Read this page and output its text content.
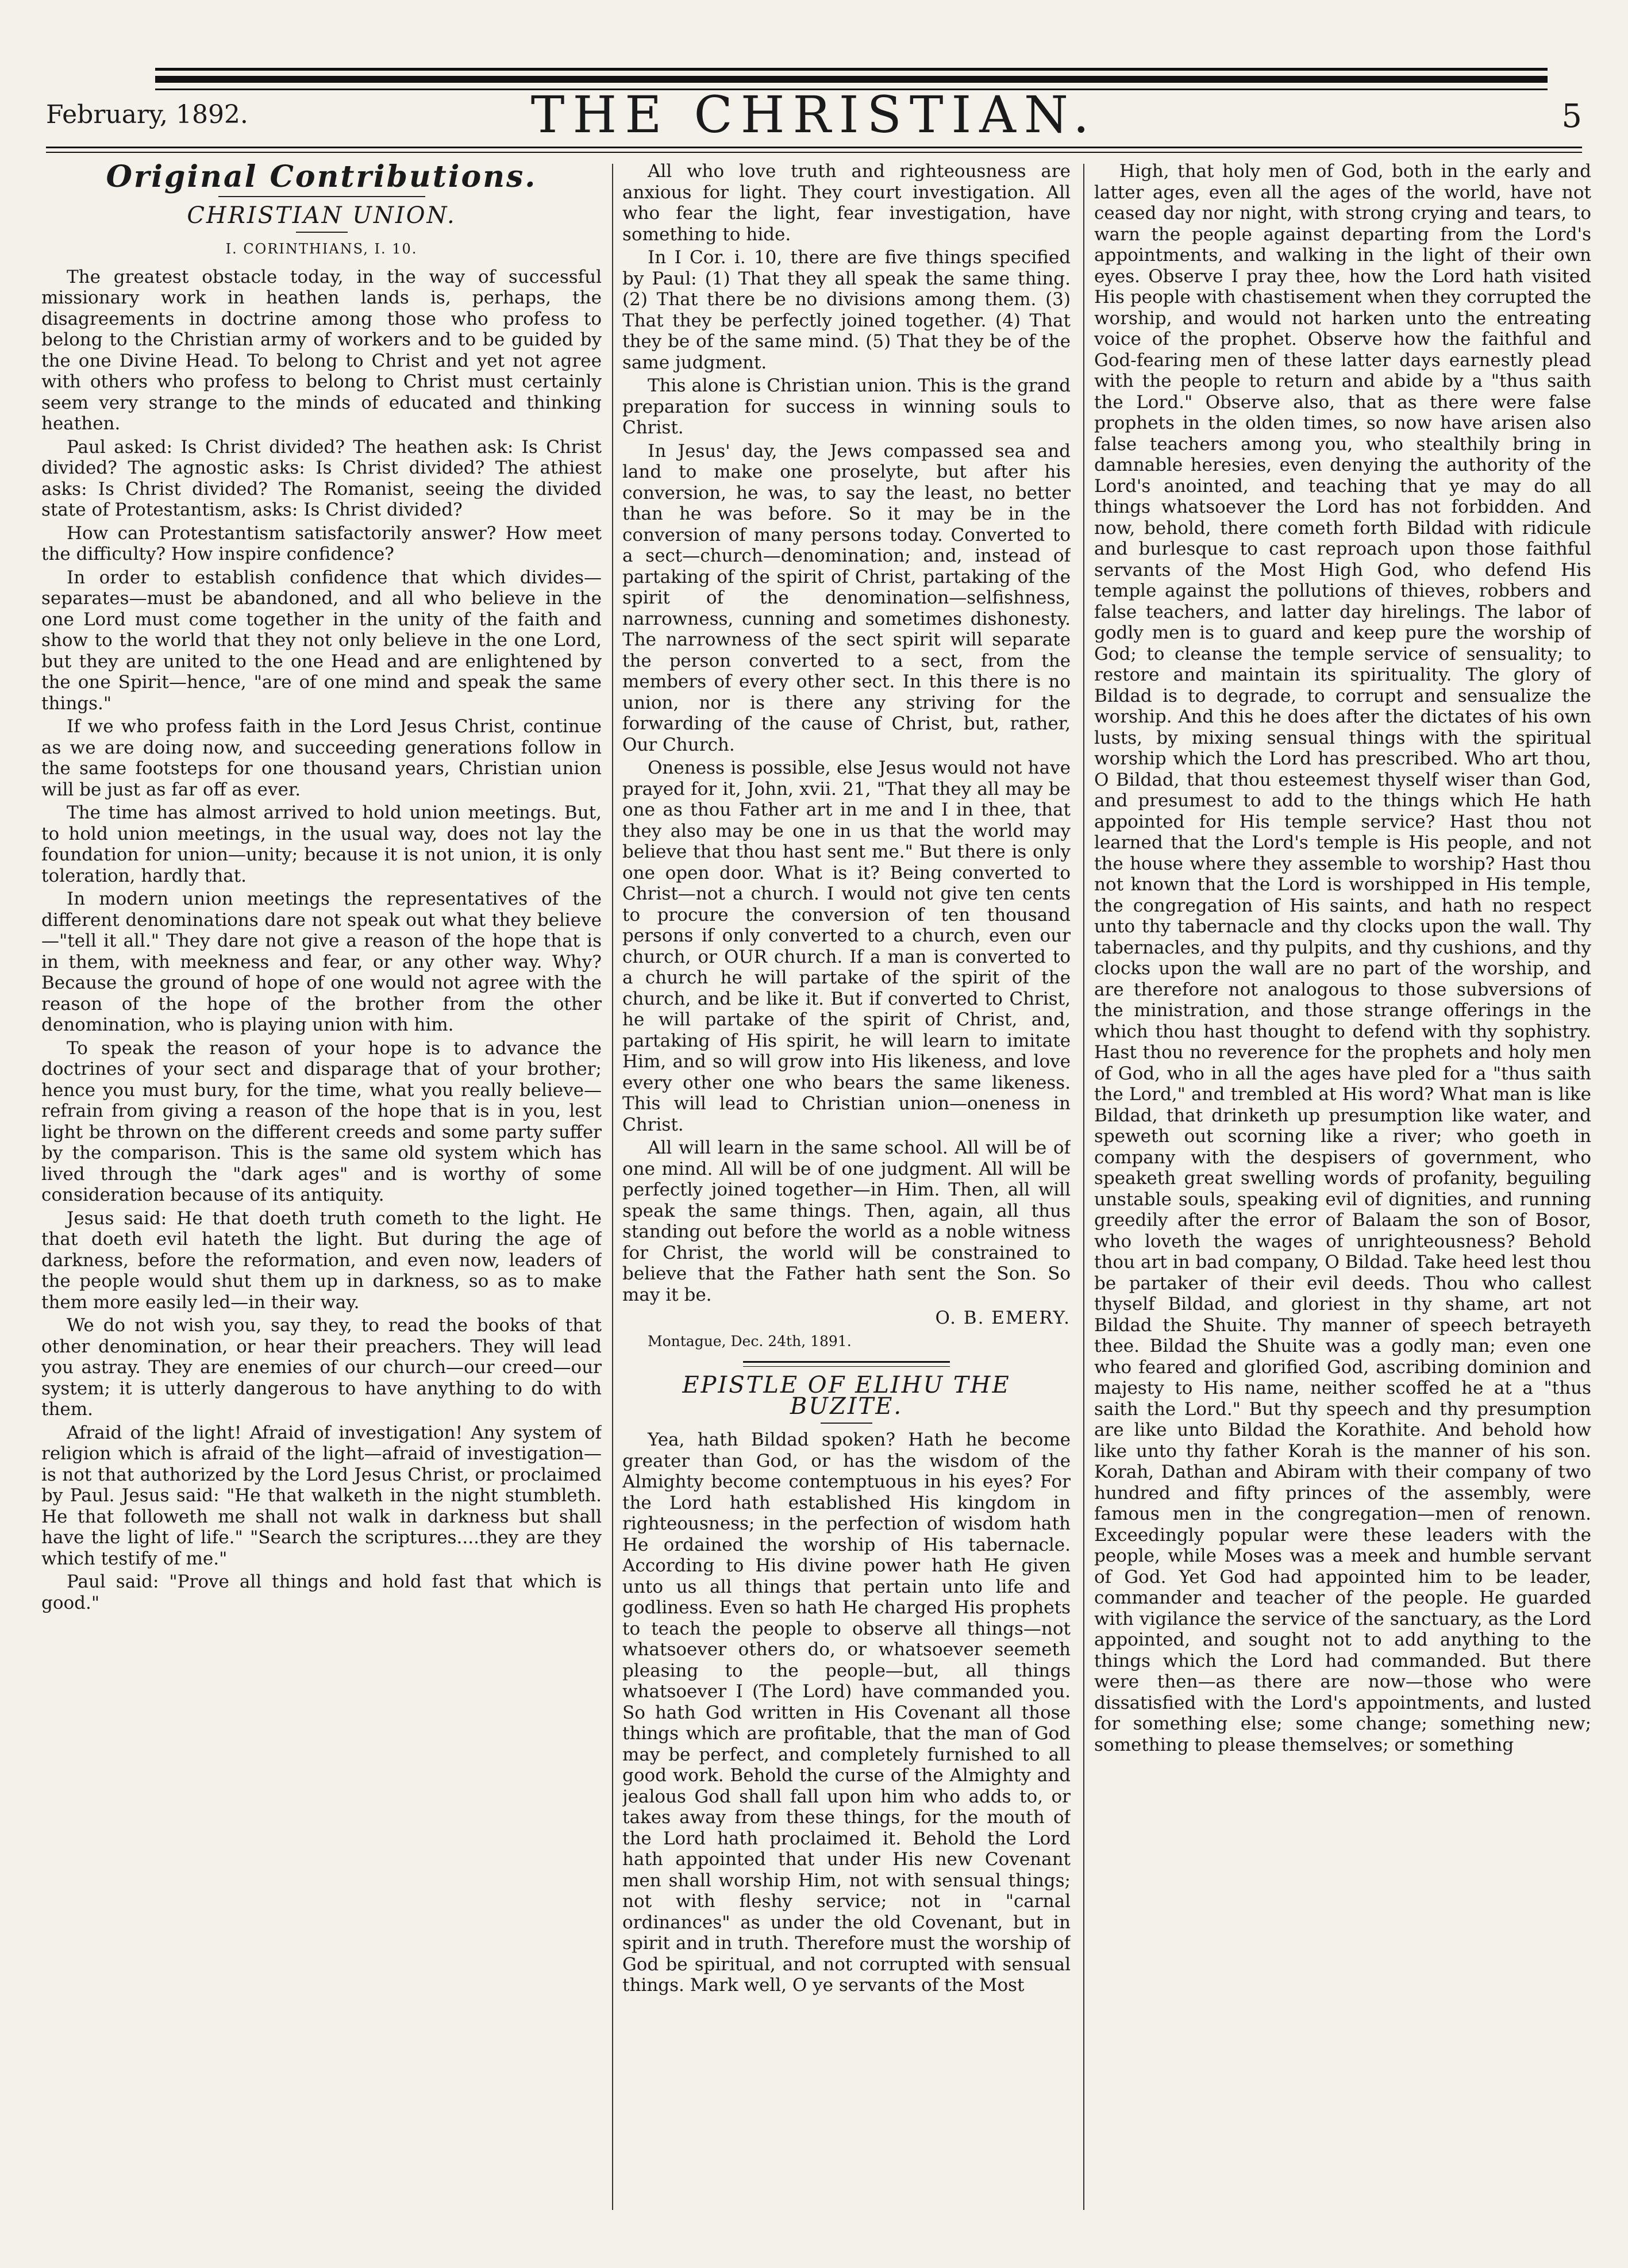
February, 1892.	THE CHRISTIAN.	5
Original Contributions.
CHRISTIAN UNION.
I. CORINTHIANS, I. 10.

The greatest obstacle today, in the way of successful missionary work in heathen lands is, perhaps, the disagreements in doctrine among those who profess to belong to the Christian army of workers and to be guided by the one Divine Head. To belong to Christ and yet not agree with others who profess to belong to Christ must certainly seem very strange to the minds of educated and thinking heathen.

Paul asked: Is Christ divided? The heathen ask: Is Christ divided? The agnostic asks: Is Christ divided? The athiest asks: Is Christ divided? The Romanist, seeing the divided state of Protestantism, asks: Is Christ divided?

How can Protestantism satisfactorily answer? How meet the difficulty? How inspire confidence?

In order to establish confidence that which divides—separates—must be abandoned, and all who believe in the one Lord must come together in the unity of the faith and show to the world that they not only believe in the one Lord, but they are united to the one Head and are enlightened by the one Spirit—hence, "are of one mind and speak the same things."

If we who profess faith in the Lord Jesus Christ, continue as we are doing now, and succeeding generations follow in the same footsteps for one thousand years, Christian union will be just as far off as ever.

The time has almost arrived to hold union meetings. But, to hold union meetings, in the usual way, does not lay the foundation for union—unity; because it is not union, it is only toleration, hardly that.

In modern union meetings the representatives of the different denominations dare not speak out what they believe—"tell it all." They dare not give a reason of the hope that is in them, with meekness and fear, or any other way. Why? Because the ground of hope of one would not agree with the reason of the hope of the brother from the other denomination, who is playing union with him.

To speak the reason of your hope is to advance the doctrines of your sect and disparage that of your brother; hence you must bury, for the time, what you really believe—refrain from giving a reason of the hope that is in you, lest light be thrown on the different creeds and some party suffer by the comparison. This is the same old system which has lived through the "dark ages" and is worthy of some consideration because of its antiquity.

Jesus said: He that doeth truth cometh to the light. He that doeth evil hateth the light. But during the age of darkness, before the reformation, and even now, leaders of the people would shut them up in darkness, so as to make them more easily led—in their way.

We do not wish you, say they, to read the books of that other denomination, or hear their preachers. They will lead you astray. They are enemies of our church—our creed—our system; it is utterly dangerous to have anything to do with them.

Afraid of the light! Afraid of investigation! Any system of religion which is afraid of the light—afraid of investigation—is not that authorized by the Lord Jesus Christ, or proclaimed by Paul. Jesus said: "He that walketh in the night stumbleth. He that followeth me shall not walk in darkness but shall have the light of life." "Search the scriptures....they are they which testify of me."

Paul said: "Prove all things and hold fast that which is good."

All who love truth and righteousness are anxious for light. They court investigation. All who fear the light, fear investigation, have something to hide.

In I Cor. i. 10, there are five things specified by Paul: (1) That they all speak the same thing. (2) That there be no divisions among them. (3) That they be perfectly joined together. (4) That they be of the same mind. (5) That they be of the same judgment.

This alone is Christian union. This is the grand preparation for success in winning souls to Christ.

In Jesus' day, the Jews compassed sea and land to make one proselyte, but after his conversion, he was, to say the least, no better than he was before. So it may be in the conversion of many persons today. Converted to a sect—church—denomination; and, instead of partaking of the spirit of Christ, partaking of the spirit of the denomination—selfishness, narrowness, cunning and sometimes dishonesty. The narrowness of the sect spirit will separate the person converted to a sect, from the members of every other sect. In this there is no union, nor is there any striving for the forwarding of the cause of Christ, but, rather, Our Church.

Oneness is possible, else Jesus would not have prayed for it, John, xvii. 21, "That they all may be one as thou Father art in me and I in thee, that they also may be one in us that the world may believe that thou hast sent me." But there is only one open door. What is it? Being converted to Christ—not a church. I would not give ten cents to procure the conversion of ten thousand persons if only converted to a church, even our church, or OUR church. If a man is converted to a church he will partake of the spirit of the church, and be like it. But if converted to Christ, he will partake of the spirit of Christ, and, partaking of His spirit, he will learn to imitate Him, and so will grow into His likeness, and love every other one who bears the same likeness. This will lead to Christian union—oneness in Christ.

All will learn in the same school. All will be of one mind. All will be of one judgment. All will be perfectly joined together—in Him. Then, all will speak the same things. Then, again, all thus standing out before the world as a noble witness for Christ, the world will be constrained to believe that the Father hath sent the Son. So may it be.

O. B. EMERY.
Montague, Dec. 24th, 1891.
EPISTLE OF ELIHU THE BUZITE.

Yea, hath Bildad spoken? Hath he become greater than God, or has the wisdom of the Almighty become contemptuous in his eyes? For the Lord hath established His kingdom in righteousness; in the perfection of wisdom hath He ordained the worship of His tabernacle. According to His divine power hath He given unto us all things that pertain unto life and godliness. Even so hath He charged His prophets to teach the people to observe all things—not whatsoever others do, or whatsoever seemeth pleasing to the people—but, all things whatsoever I (The Lord) have commanded you. So hath God written in His Covenant all those things which are profitable, that the man of God may be perfect, and completely furnished to all good work. Behold the curse of the Almighty and jealous God shall fall upon him who adds to, or takes away from these things, for the mouth of the Lord hath proclaimed it. Behold the Lord hath appointed that under His new Covenant men shall worship Him, not with sensual things; not with fleshy service; not in "carnal ordinances" as under the old Covenant, but in spirit and in truth. Therefore must the worship of God be spiritual, and not corrupted with sensual things. Mark well, O ye servants of the Most

High, that holy men of God, both in the early and latter ages, even all the ages of the world, have not ceased day nor night, with strong crying and tears, to warn the people against departing from the Lord's appointments, and walking in the light of their own eyes. Observe I pray thee, how the Lord hath visited His people with chastisement when they corrupted the worship, and would not harken unto the entreating voice of the prophet. Observe how the faithful and God-fearing men of these latter days earnestly plead with the people to return and abide by a "thus saith the Lord." Observe also, that as there were false prophets in the olden times, so now have arisen also false teachers among you, who stealthily bring in damnable heresies, even denying the authority of the Lord's anointed, and teaching that ye may do all things whatsoever the Lord has not forbidden. And now, behold, there cometh forth Bildad with ridicule and burlesque to cast reproach upon those faithful servants of the Most High God, who defend His temple against the pollutions of thieves, robbers and false teachers, and latter day hirelings. The labor of godly men is to guard and keep pure the worship of God; to cleanse the temple service of sensuality; to restore and maintain its spirituality. The glory of Bildad is to degrade, to corrupt and sensualize the worship. And this he does after the dictates of his own lusts, by mixing sensual things with the spiritual worship which the Lord has prescribed. Who art thou, O Bildad, that thou esteemest thyself wiser than God, and presumest to add to the things which He hath appointed for His temple service? Hast thou not learned that the Lord's temple is His people, and not the house where they assemble to worship? Hast thou not known that the Lord is worshipped in His temple, the congregation of His saints, and hath no respect unto thy tabernacle and thy clocks upon the wall. Thy tabernacles, and thy pulpits, and thy cushions, and thy clocks upon the wall are no part of the worship, and are therefore not analogous to those subversions of the ministration, and those strange offerings in the which thou hast thought to defend with thy sophistry. Hast thou no reverence for the prophets and holy men of God, who in all the ages have pled for a "thus saith the Lord," and trembled at His word? What man is like Bildad, that drinketh up presumption like water, and speweth out scorning like a river; who goeth in company with the despisers of government, who speaketh great swelling words of profanity, beguiling unstable souls, speaking evil of dignities, and running greedily after the error of Balaam the son of Bosor, who loveth the wages of unrighteousness? Behold thou art in bad company, O Bildad. Take heed lest thou be partaker of their evil deeds. Thou who callest thyself Bildad, and gloriest in thy shame, art not Bildad the Shuite. Thy manner of speech betrayeth thee. Bildad the Shuite was a godly man; even one who feared and glorified God, ascribing dominion and majesty to His name, neither scoffed he at a "thus saith the Lord." But thy speech and thy presumption are like unto Bildad the Korathite. And behold how like unto thy father Korah is the manner of his son. Korah, Dathan and Abiram with their company of two hundred and fifty princes of the assembly, were famous men in the congregation—men of renown. Exceedingly popular were these leaders with the people, while Moses was a meek and humble servant of God. Yet God had appointed him to be leader, commander and teacher of the people. He guarded with vigilance the service of the sanctuary, as the Lord appointed, and sought not to add anything to the things which the Lord had commanded. But there were then—as there are now—those who were dissatisfied with the Lord's appointments, and lusted for something else; some change; something new; something to please themselves; or something
